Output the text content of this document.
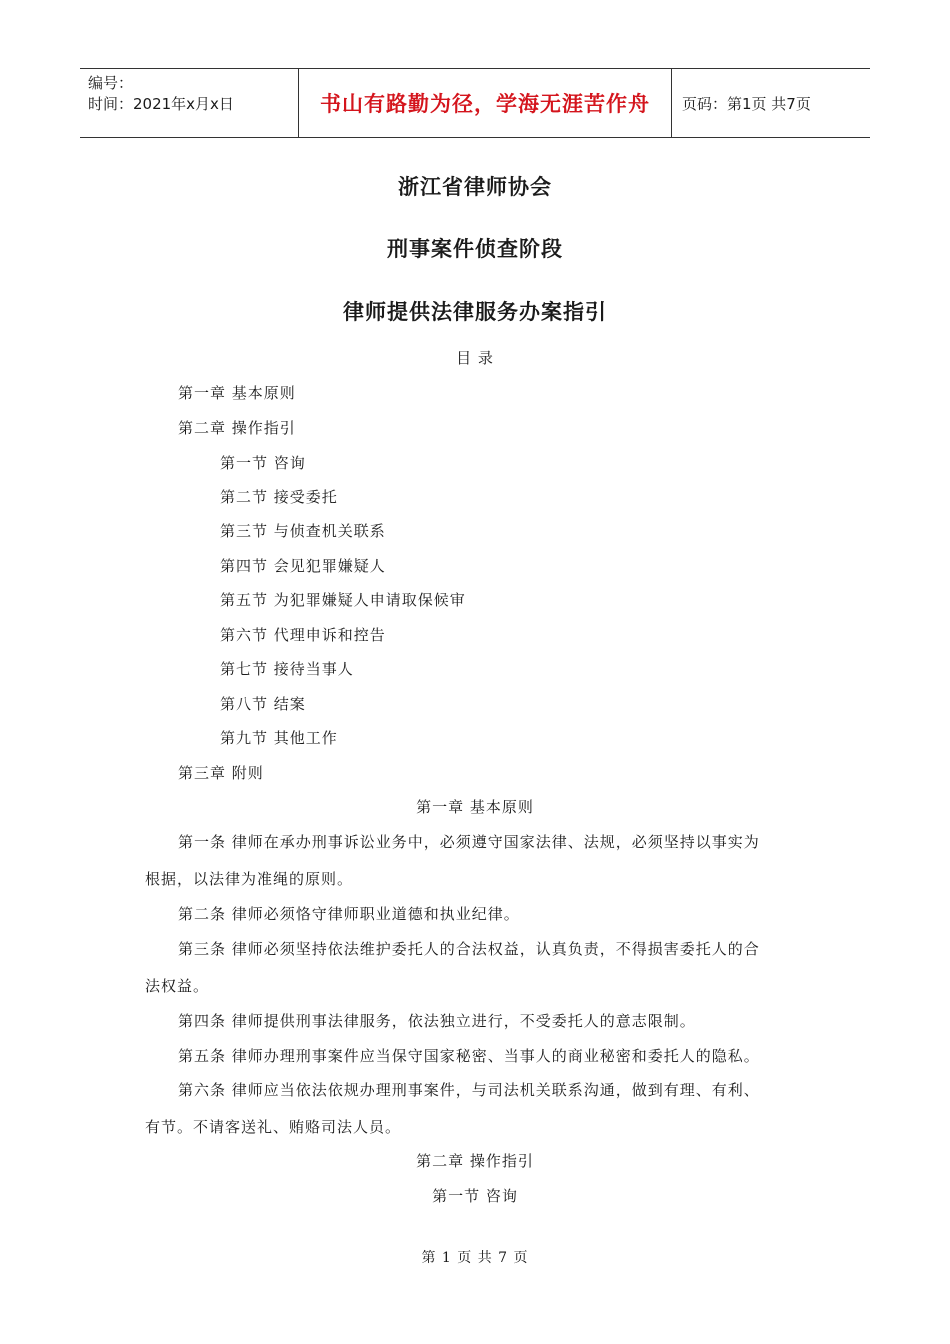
编号：
时间：2021年x月x日	书山有路勤为径，学海无涯苦作舟	页码：第1页 共7页
浙江省律师协会
刑事案件侦查阶段
律师提供法律服务办案指引
目 录
第一章 基本原则
第二章 操作指引
第一节 咨询
第二节 接受委托
第三节 与侦查机关联系
第四节 会见犯罪嫌疑人
第五节 为犯罪嫌疑人申请取保候审
第六节 代理申诉和控告
第七节 接待当事人
第八节 结案
第九节 其他工作
第三章 附则
第一章 基本原则
第一条 律师在承办刑事诉讼业务中，必须遵守国家法律、法规，必须坚持以事实为
根据，以法律为准绳的原则。
第二条 律师必须恪守律师职业道德和执业纪律。
第三条 律师必须坚持依法维护委托人的合法权益，认真负责，不得损害委托人的合
法权益。
第四条 律师提供刑事法律服务，依法独立进行，不受委托人的意志限制。
第五条 律师办理刑事案件应当保守国家秘密、当事人的商业秘密和委托人的隐私。
第六条 律师应当依法依规办理刑事案件，与司法机关联系沟通，做到有理、有利、
有节。不请客送礼、贿赂司法人员。
第二章 操作指引
第一节 咨询
第 1 页 共 7 页
